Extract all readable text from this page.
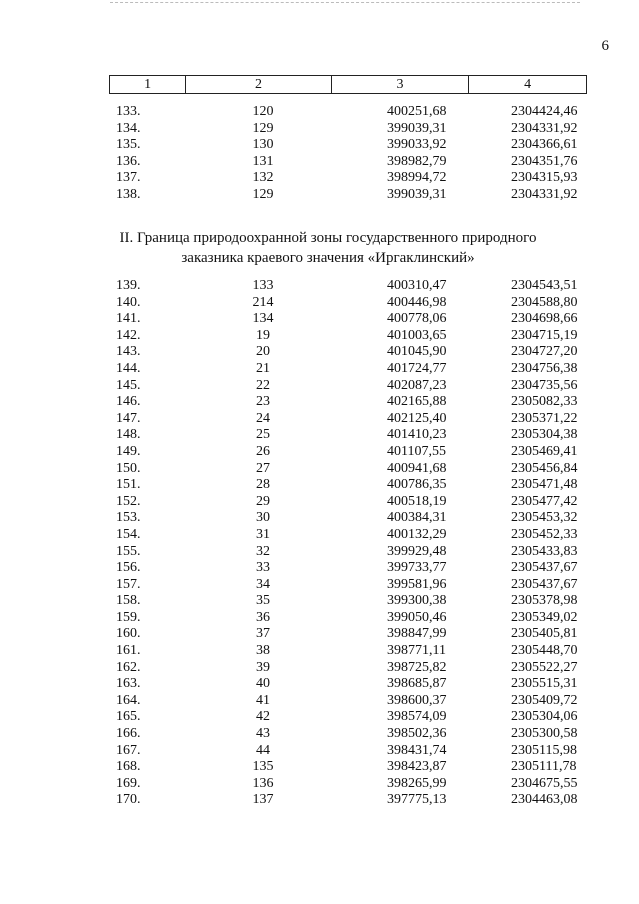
6
1	2	3	4
133.	120	400251,68	2304424,46
134.	129	399039,31	2304331,92
135.	130	399033,92	2304366,61
136.	131	398982,79	2304351,76
137.	132	398994,72	2304315,93
138.	129	399039,31	2304331,92
II. Граница природоохранной зоны государственного природного
заказника краевого значения «Иргаклинский»
139.	133	400310,47	2304543,51
140.	214	400446,98	2304588,80
141.	134	400778,06	2304698,66
142.	19	401003,65	2304715,19
143.	20	401045,90	2304727,20
144.	21	401724,77	2304756,38
145.	22	402087,23	2304735,56
146.	23	402165,88	2305082,33
147.	24	402125,40	2305371,22
148.	25	401410,23	2305304,38
149.	26	401107,55	2305469,41
150.	27	400941,68	2305456,84
151.	28	400786,35	2305471,48
152.	29	400518,19	2305477,42
153.	30	400384,31	2305453,32
154.	31	400132,29	2305452,33
155.	32	399929,48	2305433,83
156.	33	399733,77	2305437,67
157.	34	399581,96	2305437,67
158.	35	399300,38	2305378,98
159.	36	399050,46	2305349,02
160.	37	398847,99	2305405,81
161.	38	398771,11	2305448,70
162.	39	398725,82	2305522,27
163.	40	398685,87	2305515,31
164.	41	398600,37	2305409,72
165.	42	398574,09	2305304,06
166.	43	398502,36	2305300,58
167.	44	398431,74	2305115,98
168.	135	398423,87	2305111,78
169.	136	398265,99	2304675,55
170.	137	397775,13	2304463,08
